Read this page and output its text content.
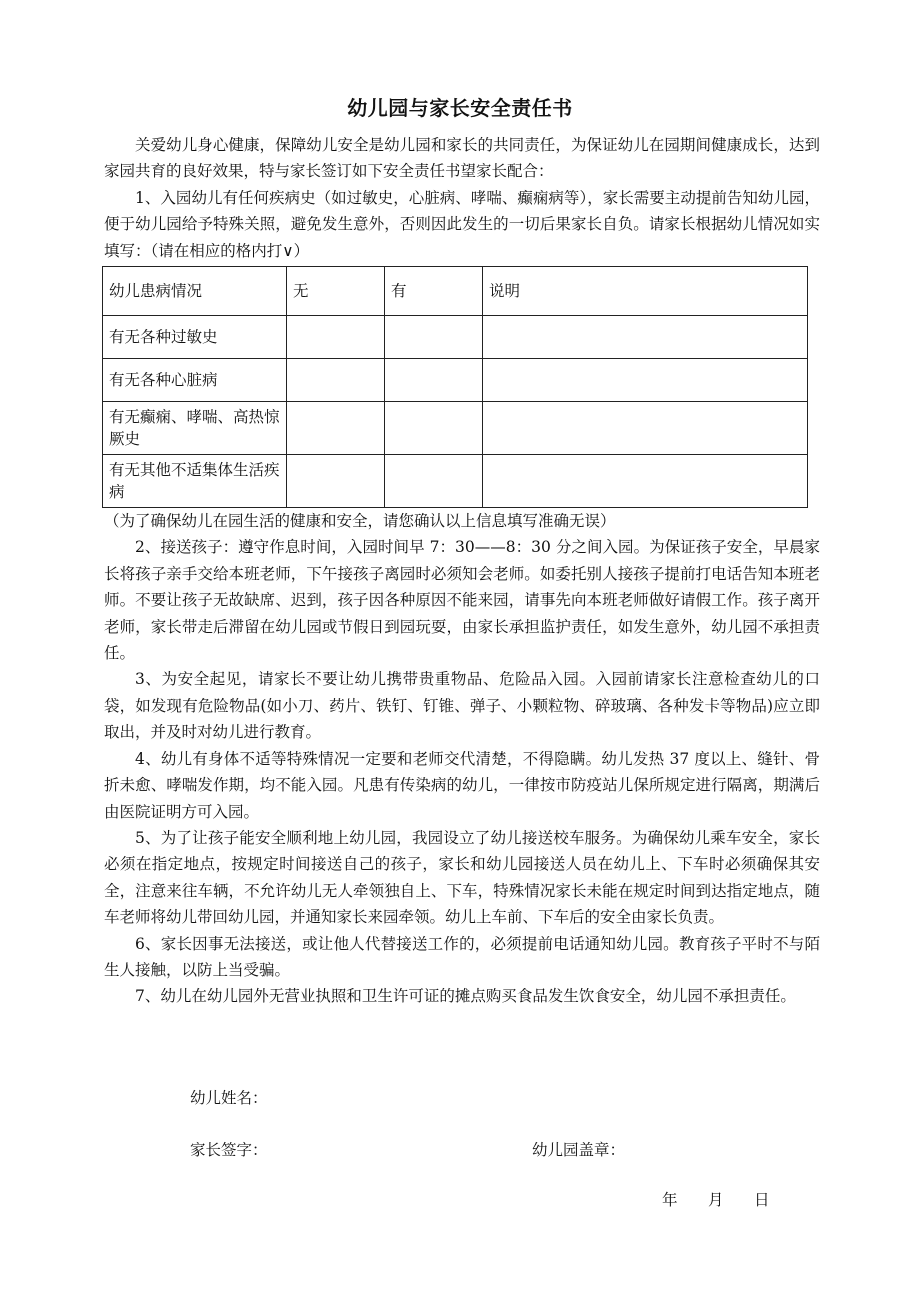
幼儿园与家长安全责任书

关爱幼儿身心健康，保障幼儿安全是幼儿园和家长的共同责任，为保证幼儿在园期间健康成长，达到家园共育的良好效果，特与家长签订如下安全责任书望家长配合：

1、入园幼儿有任何疾病史（如过敏史，心脏病、哮喘、癫痫病等），家长需要主动提前告知幼儿园，便于幼儿园给予特殊关照，避免发生意外，否则因此发生的一切后果家长自负。请家长根据幼儿情况如实填写：（请在相应的格内打∨）

幼儿患病情况	无	有	说明
有无各种过敏史			
有无各种心脏病			
有无癫痫、哮喘、高热惊厥史			
有无其他不适集体生活疾病			

（为了确保幼儿在园生活的健康和安全，请您确认以上信息填写准确无误）

2、接送孩子：遵守作息时间，入园时间早 7：30——8：30 分之间入园。为保证孩子安全，早晨家长将孩子亲手交给本班老师，下午接孩子离园时必须知会老师。如委托别人接孩子提前打电话告知本班老师。不要让孩子无故缺席、迟到，孩子因各种原因不能来园，请事先向本班老师做好请假工作。孩子离开老师，家长带走后滞留在幼儿园或节假日到园玩耍，由家长承担监护责任，如发生意外，幼儿园不承担责任。

3、为安全起见，请家长不要让幼儿携带贵重物品、危险品入园。入园前请家长注意检查幼儿的口袋，如发现有危险物品(如小刀、药片、铁钉、钉锥、弹子、小颗粒物、碎玻璃、各种发卡等物品)应立即取出，并及时对幼儿进行教育。

4、幼儿有身体不适等特殊情况一定要和老师交代清楚，不得隐瞒。幼儿发热 37 度以上、缝针、骨折未愈、哮喘发作期，均不能入园。凡患有传染病的幼儿，一律按市防疫站儿保所规定进行隔离，期满后由医院证明方可入园。

5、为了让孩子能安全顺利地上幼儿园，我园设立了幼儿接送校车服务。为确保幼儿乘车安全，家长必须在指定地点，按规定时间接送自己的孩子，家长和幼儿园接送人员在幼儿上、下车时必须确保其安全，注意来往车辆，不允许幼儿无人牵领独自上、下车，特殊情况家长未能在规定时间到达指定地点，随车老师将幼儿带回幼儿园，并通知家长来园牵领。幼儿上车前、下车后的安全由家长负责。

6、家长因事无法接送，或让他人代替接送工作的，必须提前电话通知幼儿园。教育孩子平时不与陌生人接触，以防上当受骗。

7、幼儿在幼儿园外无营业执照和卫生许可证的摊点购买食品发生饮食安全，幼儿园不承担责任。

幼儿姓名：
家长签字：	幼儿园盖章：
年 月 日
